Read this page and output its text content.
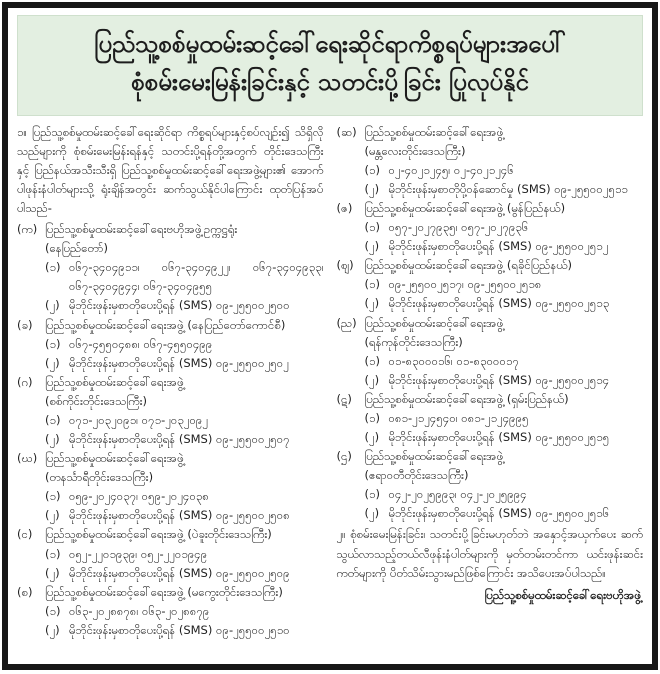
ပြည်သူ့စစ်မှုထမ်းဆင့်ခေါ်ရေးဆိုင်ရာကိစ္စရပ်များအပေါ်
စုံစမ်းမေးမြန်းခြင်းနှင့် သတင်းပို့ခြင်း ပြုလုပ်နိုင်

၁။ ပြည်သူ့စစ်မှုထမ်းဆင့်ခေါ်ရေးဆိုင်ရာ ကိစ္စရပ်များနှင့်စပ်လျဉ်း၍ သိရှိလိုသည်များကို စုံစမ်းမေးမြန်းရန်နှင့် သတင်းပို့ရန်တို့အတွက် တိုင်းဒေသကြီးနှင့် ပြည်နယ်အသီးသီးရှိ ပြည်သူ့စစ်မှုထမ်းဆင့်ခေါ်ရေးအဖွဲ့များ၏ အောက်ပါဖုန်းနံပါတ်များသို့ ရုံးချိန်အတွင်း ဆက်သွယ်နိုင်ပါကြောင်း ထုတ်ပြန်အပ်ပါသည်-

(က) ပြည်သူ့စစ်မှုထမ်းဆင့်ခေါ်ရေးဗဟိုအဖွဲ့ဥက္ကဋ္ဌရုံး
(နေပြည်တော်)
(၁) ၀၆၇-၃၄၀၄၉၁၁၊ ၀၆၇-၃၄၀၄၉၂၂၊ ၀၆၇-၃၄၀၄၉၃၃၊ ၀၆၇-၃၄၀၄၉၄၄၊ ၀၆၇-၃၄၀၄၉၅၅
(၂) မိုဘိုင်းဖုန်းမှစာတိုပေးပို့ရန် (SMS) ၀၉-၂၅၅၀၀၂၅၀၀
(ခ)	ပြည်သူ့စစ်မှုထမ်းဆင့်ခေါ်ရေးအဖွဲ့ (နေပြည်တော်ကောင်စီ)
(၁) ၀၆၇-၄၅၅၀၄၈၈၊ ၀၆၇-၄၅၅၀၄၉၉
(၂) မိုဘိုင်းဖုန်းမှစာတိုပေးပို့ရန် (SMS) ၀၉-၂၅၅၀၀၂၅၀၂
(ဂ)	ပြည်သူ့စစ်မှုထမ်းဆင့်ခေါ်ရေးအဖွဲ့
(စစ်ကိုင်းတိုင်းဒေသကြီး)
(၁) ၀၇၁-၂၀၃၂၀၉၁၊ ၀၇၁-၂၀၃၂၀၉၂
(၂) မိုဘိုင်းဖုန်းမှစာတိုပေးပို့ရန် (SMS) ၀၉-၂၅၅၀၀၂၅၀၇
(ဃ) ပြည်သူ့စစ်မှုထမ်းဆင့်ခေါ်ရေးအဖွဲ့
(တနင်္သာရီတိုင်းဒေသကြီး)
(၁) ၀၅၉-၂၀၂၄၀၃၇၊ ၀၅၉-၂၀၂၄၀၃၈
(၂) မိုဘိုင်းဖုန်းမှစာတိုပေးပို့ရန် (SMS) ၀၉-၂၅၅၀၀၂၅၀၈
(င)	ပြည်သူ့စစ်မှုထမ်းဆင့်ခေါ်ရေးအဖွဲ့ (ပဲခူးတိုင်းဒေသကြီး)
(၁) ၀၅၂-၂၂၀၁၉၃၉၊ ၀၅၂-၂၂၀၁၉၄၉
(၂) မိုဘိုင်းဖုန်းမှစာတိုပေးပို့ရန် (SMS) ၀၉-၂၅၅၀၀၂၅၀၉
(စ)	ပြည်သူ့စစ်မှုထမ်းဆင့်ခေါ်ရေးအဖွဲ့ (မကွေးတိုင်းဒေသကြီး)
(၁) ၀၆၃-၂၀၂၈၈၇၈၊ ၀၆၃-၂၀၂၈၈၇၉
(၂) မိုဘိုင်းဖုန်းမှစာတိုပေးပို့ရန် (SMS) ၀၉-၂၅၅၀၀၂၅၁၀
(ဆ) ပြည်သူ့စစ်မှုထမ်းဆင့်ခေါ်ရေးအဖွဲ့
(မန္တလေးတိုင်းဒေသကြီး)
(၁) ၀၂-၄၀၂၁၂၄၅၊ ၀၂-၄၀၂၁၂၄၆
(၂) မိုဘိုင်းဖုန်းမှစာတိုပို့ဝန်ဆောင်မှု (SMS) ၀၉-၂၅၅၀၀၂၅၁၁
(ဇ)	ပြည်သူ့စစ်မှုထမ်းဆင့်ခေါ်ရေးအဖွဲ့ (မွန်ပြည်နယ်)
(၁) ၀၅၇-၂၀၂၇၉၃၅၊ ၀၅၇-၂၀၂၇၉၃၆
(၂) မိုဘိုင်းဖုန်းမှစာတိုပေးပို့ရန် (SMS) ၀၉-၂၅၅၀၀၂၅၁၂
(ဈ) ပြည်သူ့စစ်မှုထမ်းဆင့်ခေါ်ရေးအဖွဲ့ (ရခိုင်ပြည်နယ်)
(၁) ၀၉-၂၅၅၀၀၂၅၁၇၊ ၀၉-၂၅၅၀၀၂၅၁၈
(၂) မိုဘိုင်းဖုန်းမှစာတိုပေးပို့ရန် (SMS) ၀၉-၂၅၅၀၀၂၅၁၃
(ည) ပြည်သူ့စစ်မှုထမ်းဆင့်ခေါ်ရေးအဖွဲ့
(ရန်ကုန်တိုင်းဒေသကြီး)
(၁) ၀၁-၈၃၀၀၀၁၆၊ ၀၁-၈၃၀၀၀၁၇
(၂) မိုဘိုင်းဖုန်းမှစာတိုပေးပို့ရန် (SMS) ၀၉-၂၅၅၀၀၂၅၁၄
(ဋ)	ပြည်သူ့စစ်မှုထမ်းဆင့်ခေါ်ရေးအဖွဲ့ (ရှမ်းပြည်နယ်)
(၁) ၀၈၁-၂၁၂၄၅၄၀၊ ၀၈၁-၂၁၂၄၉၉၅
(၂) မိုဘိုင်းဖုန်းမှစာတိုပေးပို့ရန် (SMS) ၀၉-၂၅၅၀၀၂၅၁၅
(ဌ)	ပြည်သူ့စစ်မှုထမ်းဆင့်ခေါ်ရေးအဖွဲ့
(ဧရာဝတီတိုင်းဒေသကြီး)
(၁) ၀၄၂-၂၀၂၅၉၉၃၊ ၀၄၂-၂၀၂၅၉၉၄
(၂) မိုဘိုင်းဖုန်းမှစာတိုပေးပို့ရန် (SMS) ၀၉-၂၅၅၀၀၂၅၁၆

၂။ စုံစမ်းမေးမြန်းခြင်း၊ သတင်းပို့ခြင်းမဟုတ်ဘဲ အနှောင့်အယှက်ပေး ဆက်သွယ်လာသည့်တယ်လီဖုန်းနံပါတ်များကို မှတ်တမ်းတင်ကာ ယင်းဖုန်းဆင်းကတ်များကို ပိတ်သိမ်းသွားမည်ဖြစ်ကြောင်း အသိပေးအပ်ပါသည်။

ပြည်သူ့စစ်မှုထမ်းဆင့်ခေါ်ရေးဗဟိုအဖွဲ့
